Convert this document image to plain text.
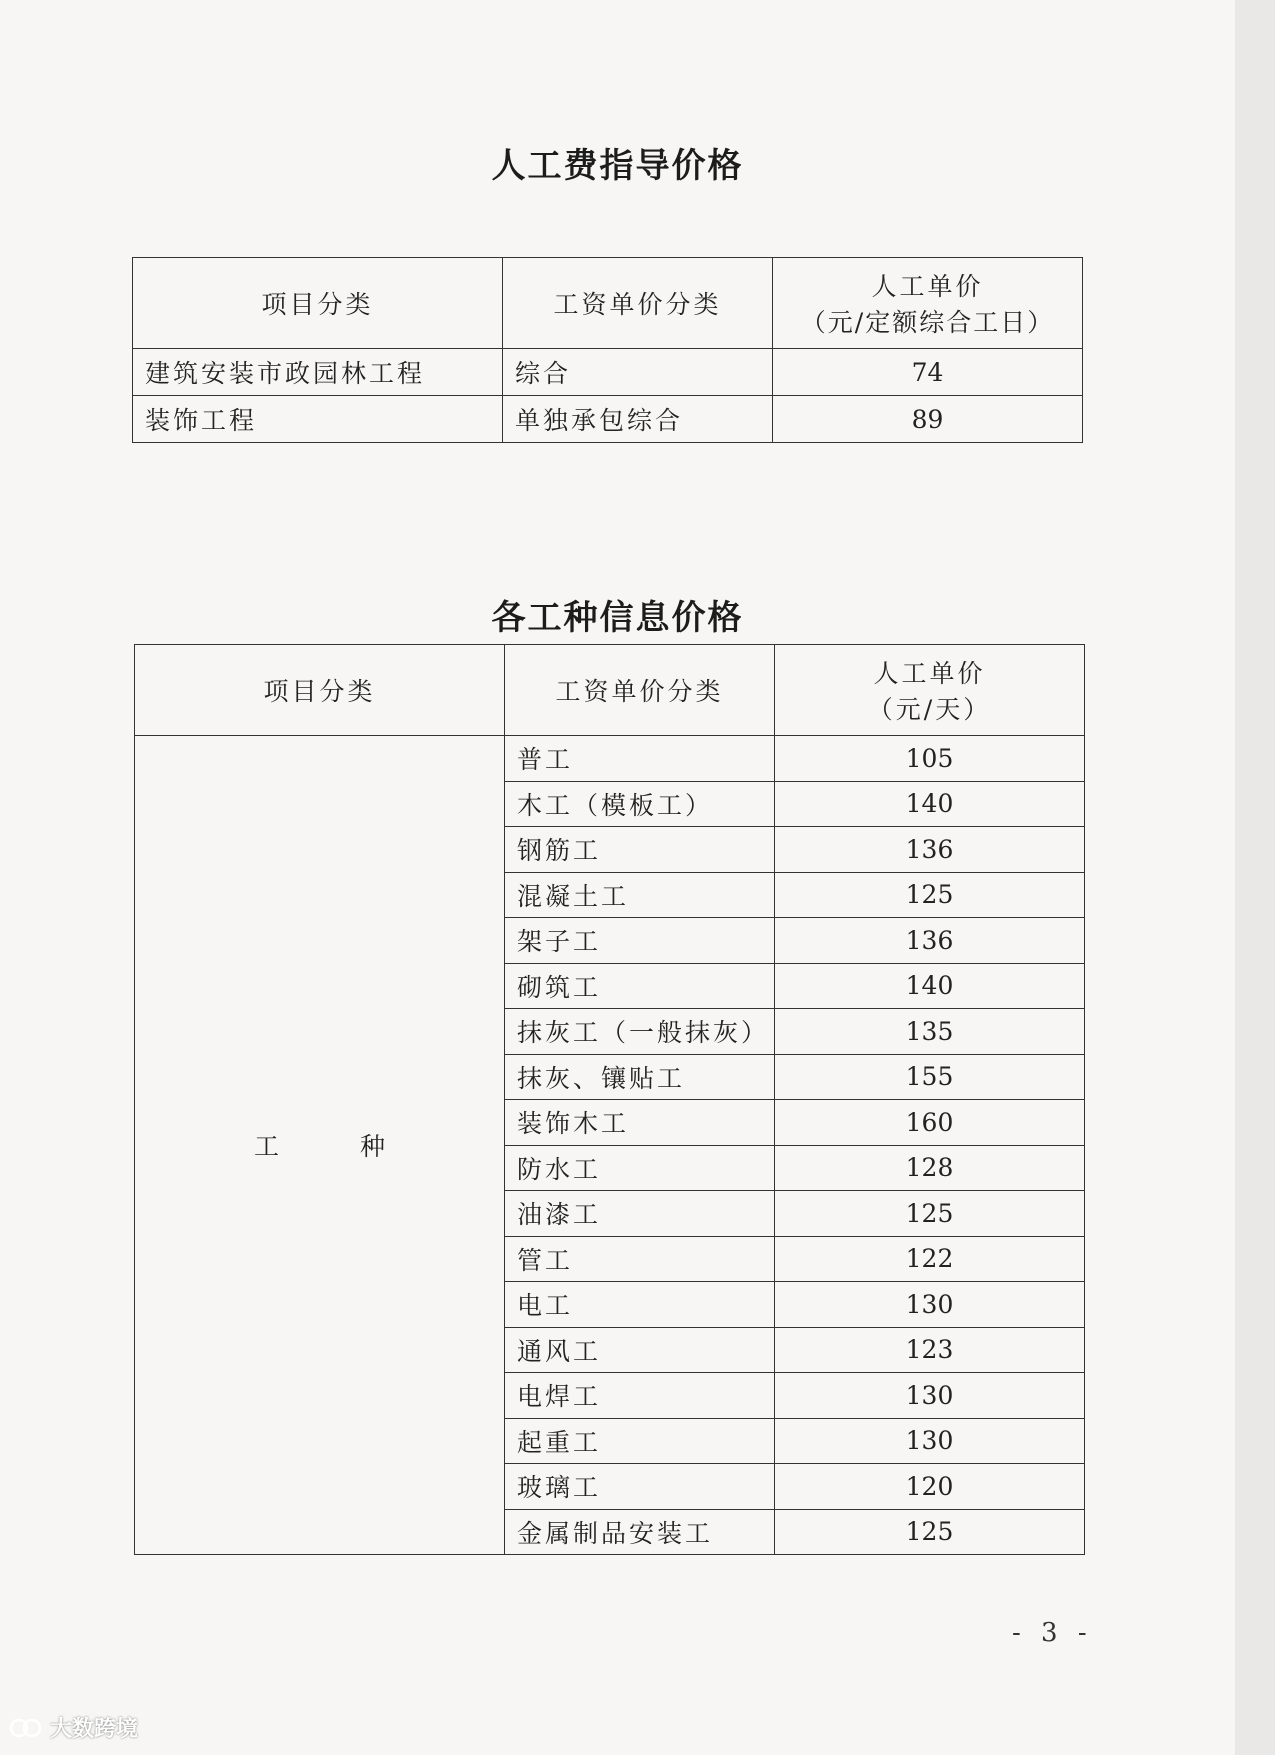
人工费指导价格
项目分类	工资单价分类	人工单价
（元/定额综合工日）

建筑安装市政园林工程	综合	74
装饰工程	单独承包综合	89
各工种信息价格
项目分类	工资单价分类	人工单价
（元/天）

工　种	普工	105
	木工（模板工）	140
	钢筋工	136
	混凝土工	125
	架子工	136
	砌筑工	140
	抹灰工（一般抹灰）	135
	抹灰、镶贴工	155
	装饰木工	160
	防水工	128
	油漆工	125
	管工	122
	电工	130
	通风工	123
	电焊工	130
	起重工	130
	玻璃工	120
	金属制品安装工	125
- 3 -
大数跨境
